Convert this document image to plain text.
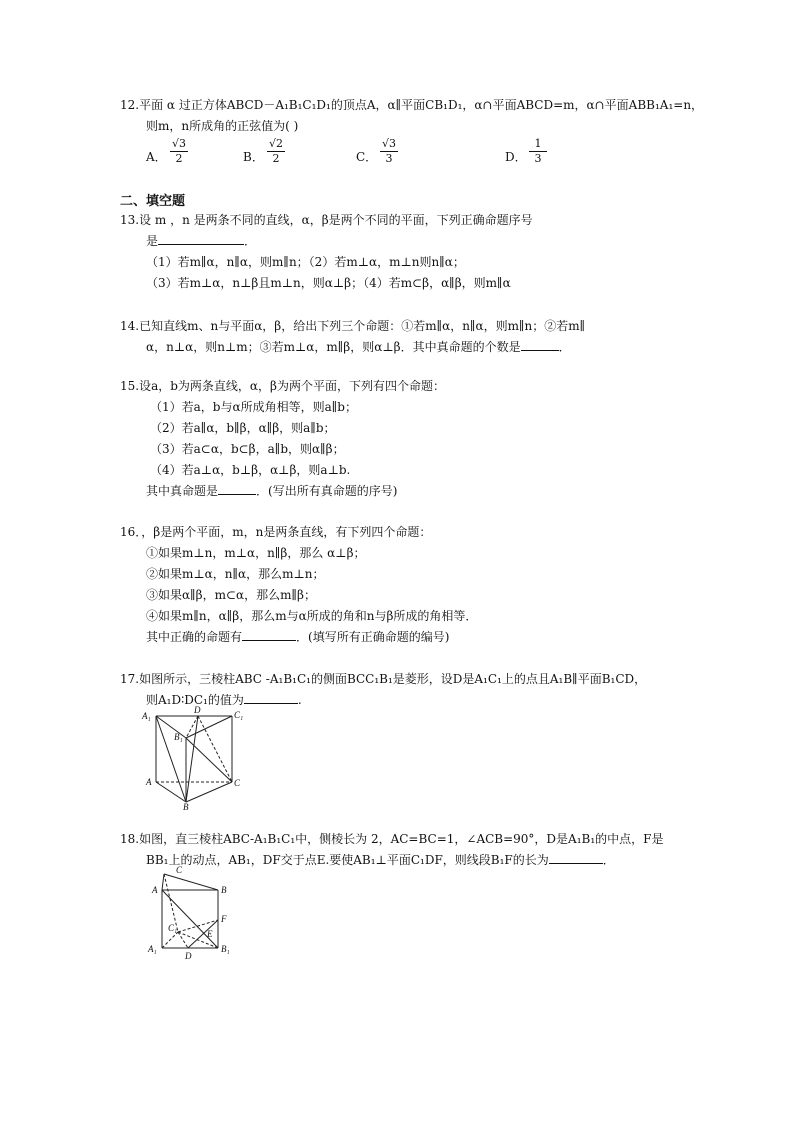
12.平面 α 过正方体ABCD－A₁B₁C₁D₁的顶点A，α∥平面CB₁D₁，α∩平面ABCD=m，α∩平面ABB₁A₁=n，
则m，n所成角的正弦值为( )
A． $\frac{√3}{2}$	B． $\frac{√2}{2}$	C． $\frac{√3}{3}$	D． $\frac{1}{3}$
二、填空题
13.设 m ，n 是两条不同的直线，α，β是两个不同的平面，下列正确命题序号
是	．
（1）若m∥α，n∥α，则m∥n；（2）若m⊥α，m⊥n则n∥α；
（3）若m⊥α，n⊥β且m⊥n，则α⊥β；（4）若m⊂β，α∥β，则m∥α
14.已知直线m、n与平面α，β，给出下列三个命题：①若m∥α，n∥α，则m∥n；②若m∥
α，n⊥α，则n⊥m；③若m⊥α，m∥β，则α⊥β．其中真命题的个数是	．
15.设a，b为两条直线，α，β为两个平面，下列有四个命题：
（1）若a，b与α所成角相等，则a∥b；
（2）若a∥α，b∥β，α∥β，则a∥b；
（3）若a⊂α，b⊂β，a∥b，则α∥β；
（4）若a⊥α，b⊥β，α⊥β，则a⊥b.
其中真命题是	．(写出所有真命题的序号)
16．，β是两个平面，m，n是两条直线，有下列四个命题：
①如果m⊥n，m⊥α，n∥β，那么 α⊥β；
②如果m⊥α，n∥α，那么m⊥n；
③如果α∥β，m⊂α，那么m∥β；
④如果m∥n，α∥β，那么m与α所成的角和n与β所成的角相等．
其中正确的命题有	．(填写所有正确命题的编号)
17.如图所示，三棱柱ABC -A₁B₁C₁的侧面BCC₁B₁是菱形，设D是A₁C₁上的点且A₁B∥平面B₁CD，
则A₁D∶DC₁的值为	.
A₁
D	C₁
B₁
A	C
B
18.如图，直三棱柱ABC-A₁B₁C₁中，侧棱长为 2，AC=BC=1，∠ACB=90°，D是A₁B₁的中点，F是
BB₁上的动点，AB₁，DF交于点E.要使AB₁⊥平面C₁DF，则线段B₁F的长为	．
C
A	B
F
C₁
E
A₁
D
B₁
